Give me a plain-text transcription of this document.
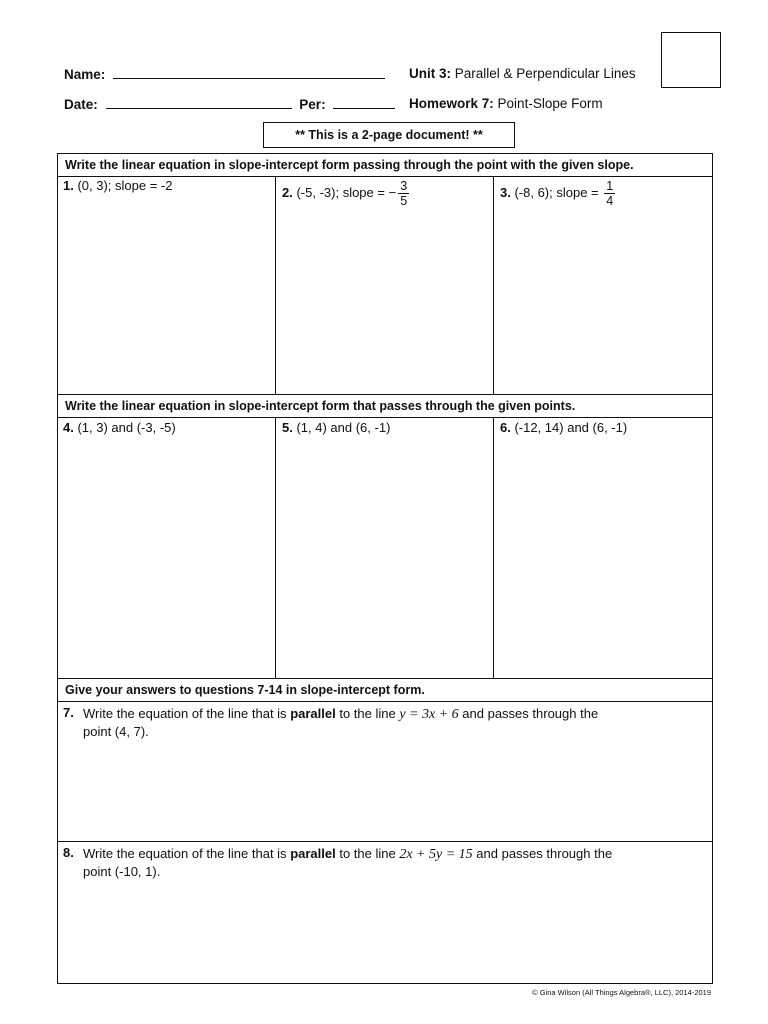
Name:	Unit 3: Parallel & Perpendicular Lines
Date:	Per:	Homework 7: Point-Slope Form
** This is a 2-page document! **
Write the linear equation in slope-intercept form passing through the point with the given slope.
1. (0, 3); slope = -2	2. (-5, -3); slope = − $\frac{3}{5}$	3. (-8, 6); slope = $\frac{1}{4}$
Write the linear equation in slope-intercept form that passes through the given points.
4. (1, 3) and (-3, -5)	5. (1, 4) and (6, -1)	6. (-12, 14) and (6, -1)
Give your answers to questions 7-14 in slope-intercept form.
7. Write the equation of the line that is parallel to the line y = 3x + 6 and passes through the
point (4, 7).
8. Write the equation of the line that is parallel to the line 2x + 5y = 15 and passes through the
point (-10, 1).
© Gina Wilson (All Things Algebra®, LLC), 2014-2019
